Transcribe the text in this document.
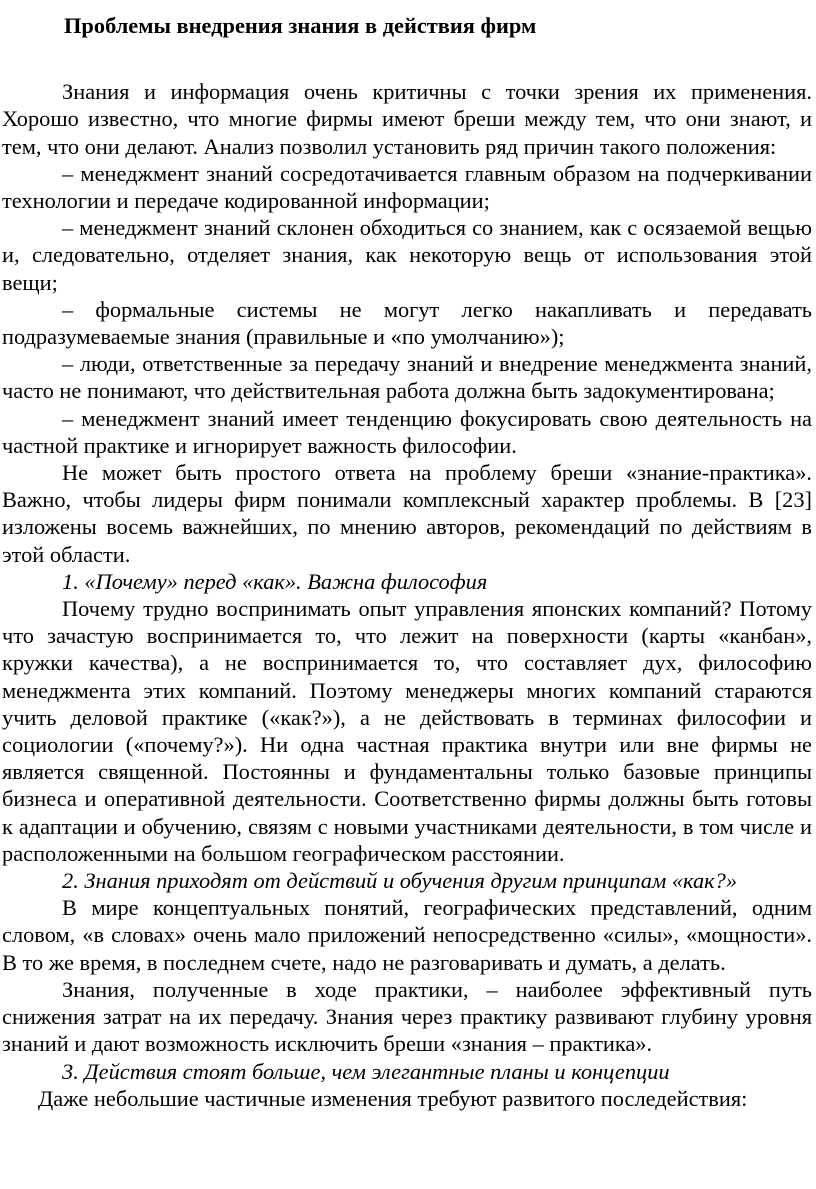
Проблемы внедрения знания в действия фирм

Знания и информация очень критичны с точки зрения их применения. Хорошо известно, что многие фирмы имеют бреши между тем, что они знают, и тем, что они делают. Анализ позволил установить ряд причин такого положения:

– менеджмент знаний сосредотачивается главным образом на подчеркивании технологии и передаче кодированной информации;

– менеджмент знаний склонен обходиться со знанием, как с осязаемой вещью и, следовательно, отделяет знания, как некоторую вещь от использования этой вещи;

– формальные системы не могут легко накапливать и передавать подразумеваемые знания (правильные и «по умолчанию»);

– люди, ответственные за передачу знаний и внедрение менеджмента знаний, часто не понимают, что действительная работа должна быть задокументирована;

– менеджмент знаний имеет тенденцию фокусировать свою деятельность на частной практике и игнорирует важность философии.

Не может быть простого ответа на проблему бреши «знание-практика». Важно, чтобы лидеры фирм понимали комплексный характер проблемы. В [23] изложены восемь важнейших, по мнению авторов, рекомендаций по действиям в этой области.

1. «Почему» перед «как». Важна философия

Почему трудно воспринимать опыт управления японских компаний? Потому что зачастую воспринимается то, что лежит на поверхности (карты «канбан», кружки качества), а не воспринимается то, что составляет дух, философию менеджмента этих компаний. Поэтому менеджеры многих компаний стараются учить деловой практике («как?»), а не действовать в терминах философии и социологии («почему?»). Ни одна частная практика внутри или вне фирмы не является священной. Постоянны и фундаментальны только базовые принципы бизнеса и оперативной деятельности. Соответственно фирмы должны быть готовы к адаптации и обучению, связям с новыми участниками деятельности, в том числе и расположенными на большом географическом расстоянии.

2. Знания приходят от действий и обучения другим принципам «как?»

В мире концептуальных понятий, географических представлений, одним словом, «в словах» очень мало приложений непосредственно «силы», «мощности». В то же время, в последнем счете, надо не разговаривать и думать, а делать.

Знания, полученные в ходе практики, – наиболее эффективный путь снижения затрат на их передачу. Знания через практику развивают глубину уровня знаний и дают возможность исключить бреши «знания – практика».

3. Действия стоят больше, чем элегантные планы и концепции

Даже небольшие частичные изменения требуют развитого последействия:
